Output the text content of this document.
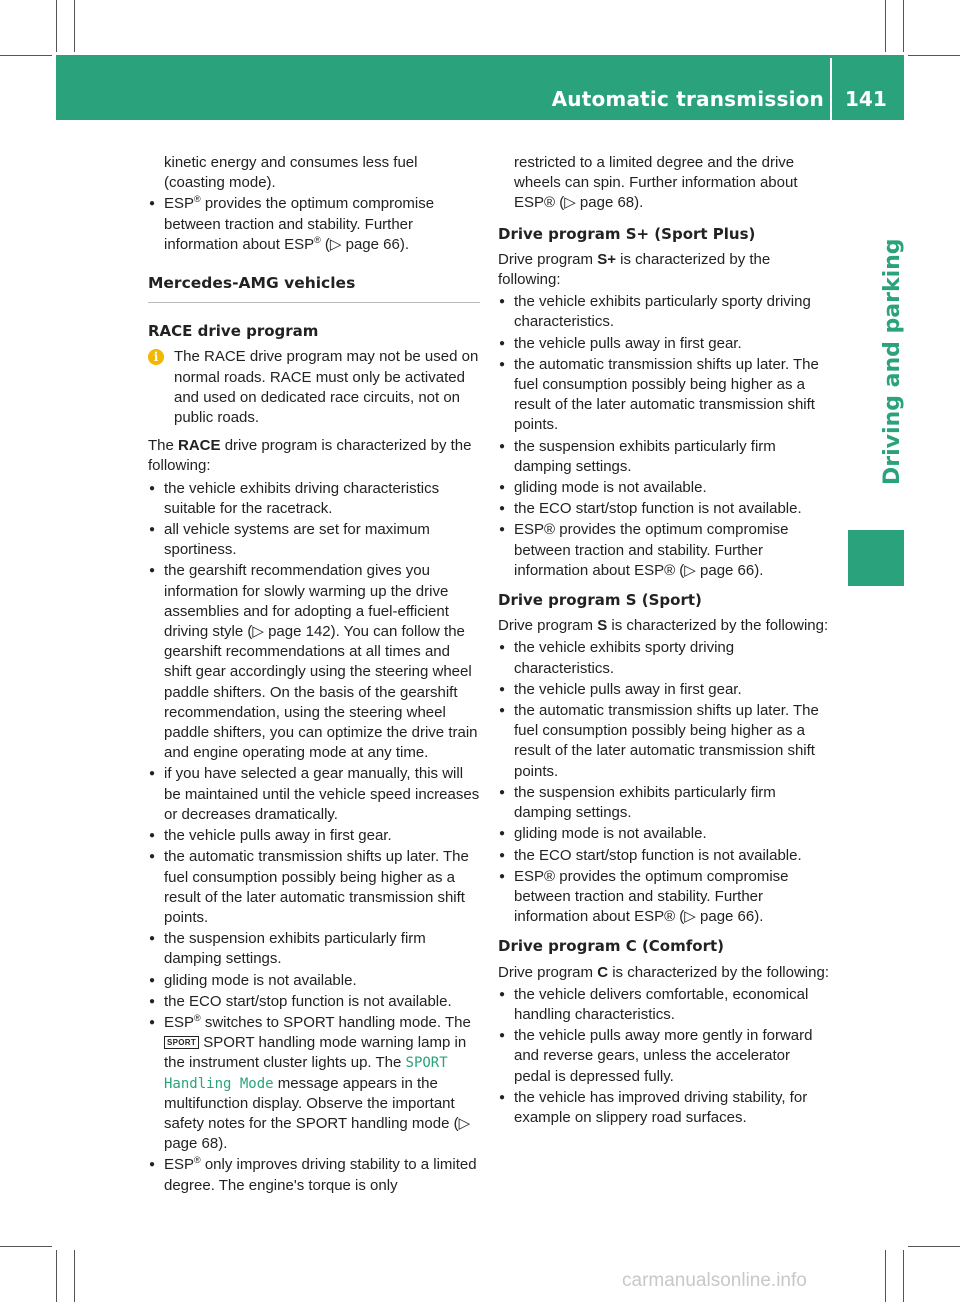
Automatic transmission 141
Driving and parking

kinetic energy and consumes less fuel

(coasting mode).

● ESP® provides the optimum compromise between traction and stability. Further information about ESP® (▷ page 66).
Mercedes-AMG vehicles
RACE drive program
i	The RACE drive program may not be used on normal roads. RACE must only be activated and used on dedicated race circuits, not on public roads.

The RACE drive program is characterized by the following:

● the vehicle exhibits driving characteristics suitable for the racetrack.
● all vehicle systems are set for maximum sportiness.
● the gearshift recommendation gives you information for slowly warming up the drive assemblies and for adopting a fuel-efficient driving style (▷ page 142). You can follow the gearshift recommendations at all times and shift gear accordingly using the steering wheel paddle shifters. On the basis of the gearshift recommendation, using the steering wheel paddle shifters, you can optimize the drive train and engine operating mode at any time.
● if you have selected a gear manually, this will be maintained until the vehicle speed increases or decreases dramatically.
● the vehicle pulls away in first gear.
● the automatic transmission shifts up later. The fuel consumption possibly being higher as a result of the later automatic transmission shift points.
● the suspension exhibits particularly firm damping settings.
● gliding mode is not available.
● the ECO start/stop function is not available.
● ESP® switches to SPORT handling mode. The SPORT SPORT handling mode warning lamp in the instrument cluster lights up. The SPORT Handling Mode message appears in the multifunction display. Observe the important safety notes for the SPORT handling mode (▷ page 68).
● ESP® only improves driving stability to a limited degree. The engine's torque is only

restricted to a limited degree and the drive wheels can spin. Further information about ESP® (▷ page 68).

Drive program S+ (Sport Plus)

Drive program S+ is characterized by the following:

● the vehicle exhibits particularly sporty driving characteristics.
● the vehicle pulls away in first gear.
● the automatic transmission shifts up later. The fuel consumption possibly being higher as a result of the later automatic transmission shift points.
● the suspension exhibits particularly firm damping settings.
● gliding mode is not available.
● the ECO start/stop function is not available.
● ESP® provides the optimum compromise between traction and stability. Further information about ESP® (▷ page 66).
Drive program S (Sport)

Drive program S is characterized by the following:

● the vehicle exhibits sporty driving characteristics.
● the vehicle pulls away in first gear.
● the automatic transmission shifts up later. The fuel consumption possibly being higher as a result of the later automatic transmission shift points.
● the suspension exhibits particularly firm damping settings.
● gliding mode is not available.
● the ECO start/stop function is not available.
● ESP® provides the optimum compromise between traction and stability. Further information about ESP® (▷ page 66).
Drive program C (Comfort)

Drive program C is characterized by the following:

● the vehicle delivers comfortable, economical handling characteristics.
● the vehicle pulls away more gently in forward and reverse gears, unless the accelerator pedal is depressed fully.
● the vehicle has improved driving stability, for example on slippery road surfaces.
carmanualsonline.info
